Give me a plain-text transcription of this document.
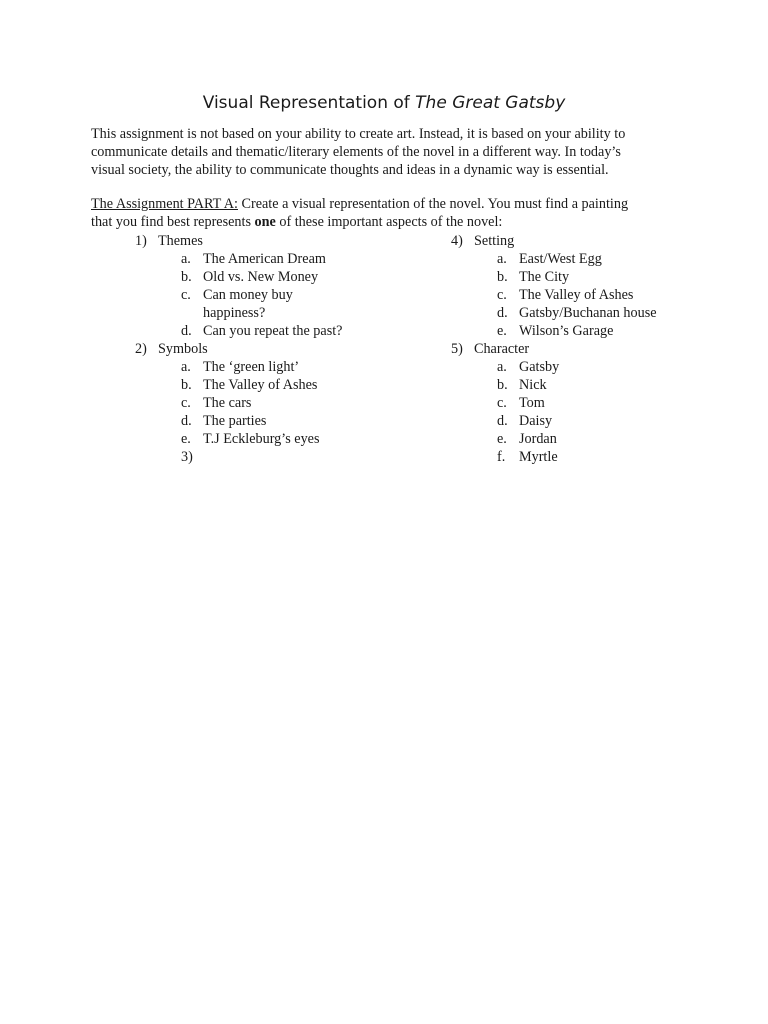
Visual Representation of The Great Gatsby
This assignment is not based on your ability to create art. Instead, it is based on your ability to
communicate details and thematic/literary elements of the novel in a different way. In today’s
visual society, the ability to communicate thoughts and ideas in a dynamic way is essential.
The Assignment PART A: Create a visual representation of the novel. You must find a painting
that you find best represents one of these important aspects of the novel:
1) Themes
a. The American Dream
b. Old vs. New Money
c. Can money buy
happiness?
d. Can you repeat the past?
2) Symbols
a. The ‘green light’
b. The Valley of Ashes
c. The cars
d. The parties
e. T.J Eckleburg’s eyes
3)
4) Setting
a. East/West Egg
b. The City
c. The Valley of Ashes
d. Gatsby/Buchanan house
e. Wilson’s Garage
5) Character
a. Gatsby
b. Nick
c. Tom
d. Daisy
e. Jordan
f. Myrtle
